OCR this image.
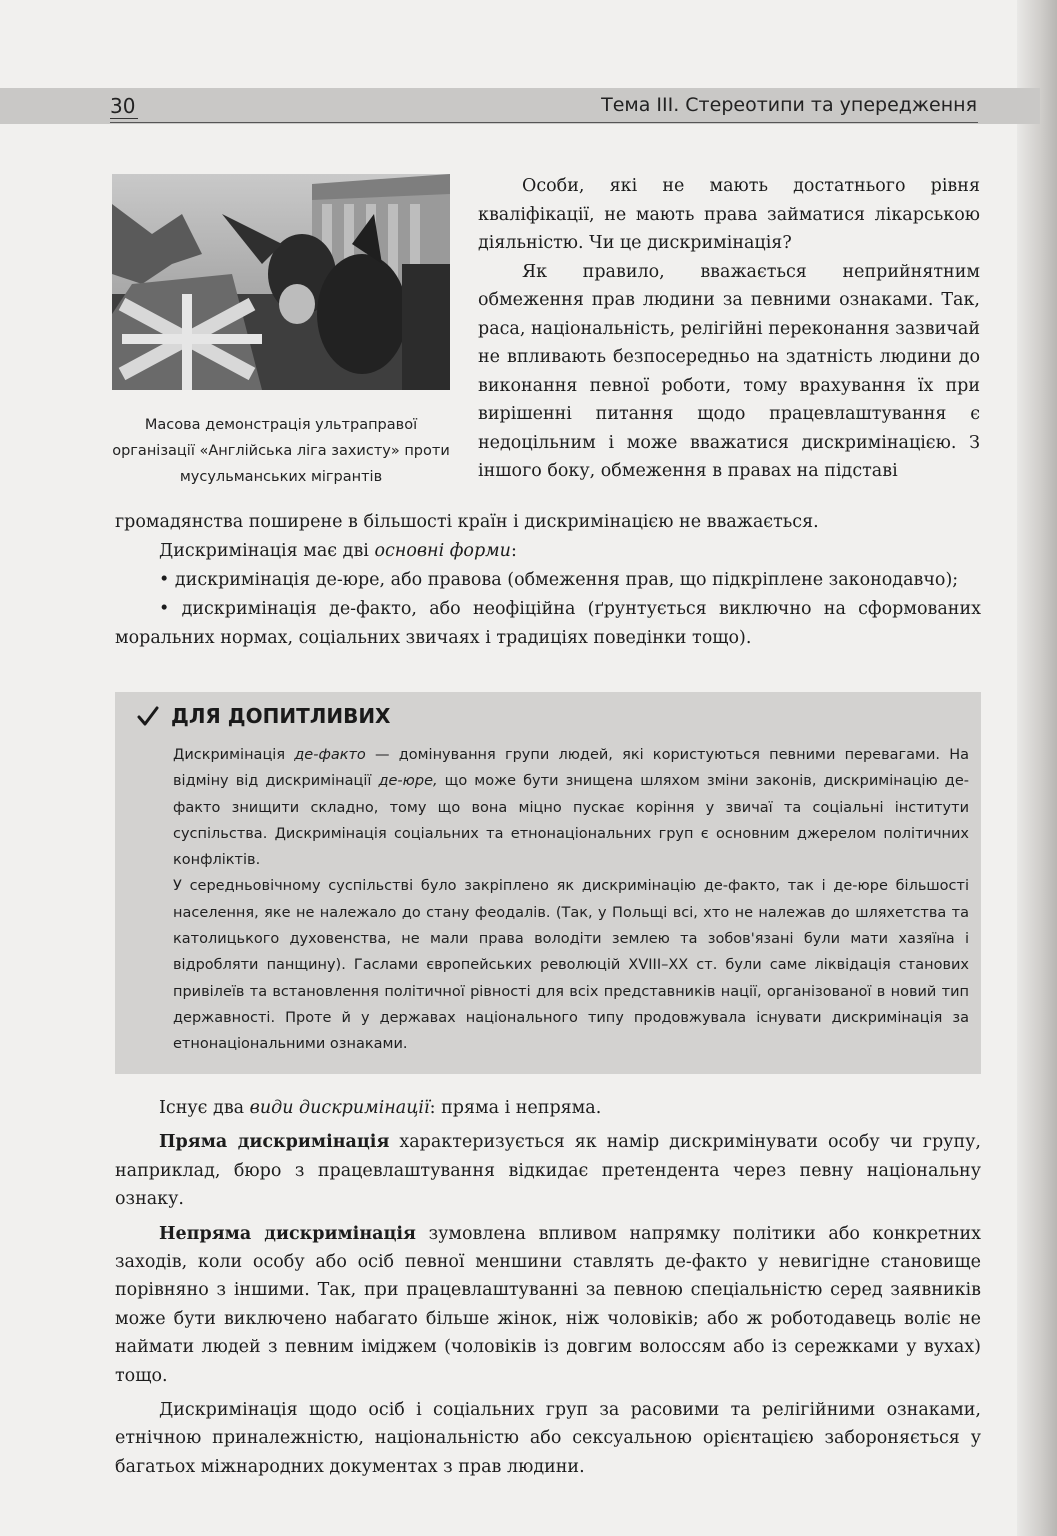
30	Тема III. Стереотипи та упередження
Масова демонстрація ультраправої організації «Англійська ліга захисту» проти мусульманських мігрантів

Особи, які не мають достатнього рівня кваліфікації, не мають права займатися лікарською діяльністю. Чи це дискримінація?

Як правило, вважається неприйнятним обмеження прав людини за певними ознаками. Так, раса, національність, релігійні переконання зазвичай не впливають безпосередньо на здатність людини до виконання певної роботи, тому врахування їх при вирішенні питання щодо працевлаштування є недоцільним і може вважатися дискримінацією. З іншого боку, обмеження в правах на підставі

громадянства поширене в більшості країн і дискримінацією не вважається.

Дискримінація має дві основні форми:

• дискримінація де-юре, або правова (обмеження прав, що підкріплене законодавчо);

• дискримінація де-факто, або неофіційна (ґрунтується виключно на сформованих моральних нормах, соціальних звичаях і традиціях поведінки тощо).

ДЛЯ ДОПИТЛИВИХ

Дискримінація де-факто — домінування групи людей, які користуються певними перевагами. На відміну від дискримінації де-юре, що може бути знищена шляхом зміни законів, дискримінацію де-факто знищити складно, тому що вона міцно пускає коріння у звичаї та соціальні інститути суспільства. Дискримінація соціальних та етнонаціональних груп є основним джерелом політичних конфліктів.

У середньовічному суспільстві було закріплено як дискримінацію де-факто, так і де-юре більшості населення, яке не належало до стану феодалів. (Так, у Польщі всі, хто не належав до шляхетства та католицького духовенства, не мали права володіти землею та зобов'язані були мати хазяїна і відробляти панщину). Гаслами європейських революцій XVIII–XX ст. були саме ліквідація станових привілеїв та встановлення політичної рівності для всіх представників нації, організованої в новий тип державності. Проте й у державах національного типу продовжувала існувати дискримінація за етнонаціональними ознаками.

Існує два види дискримінації: пряма і непряма.

Пряма дискримінація характеризується як намір дискримінувати особу чи групу, наприклад, бюро з працевлаштування відкидає претендента через певну національну ознаку.

Непряма дискримінація зумовлена впливом напрямку політики або конкретних заходів, коли особу або осіб певної меншини ставлять де-факто у невигідне становище порівняно з іншими. Так, при працевлаштуванні за певною спеціальністю серед заявників може бути виключено набагато більше жінок, ніж чоловіків; або ж роботодавець воліє не наймати людей з певним іміджем (чоловіків із довгим волоссям або із сережками у вухах) тощо.

Дискримінація щодо осіб і соціальних груп за расовими та релігійними ознаками, етнічною приналежністю, національністю або сексуальною орієнтацією забороняється у багатьох міжнародних документах з прав людини.
